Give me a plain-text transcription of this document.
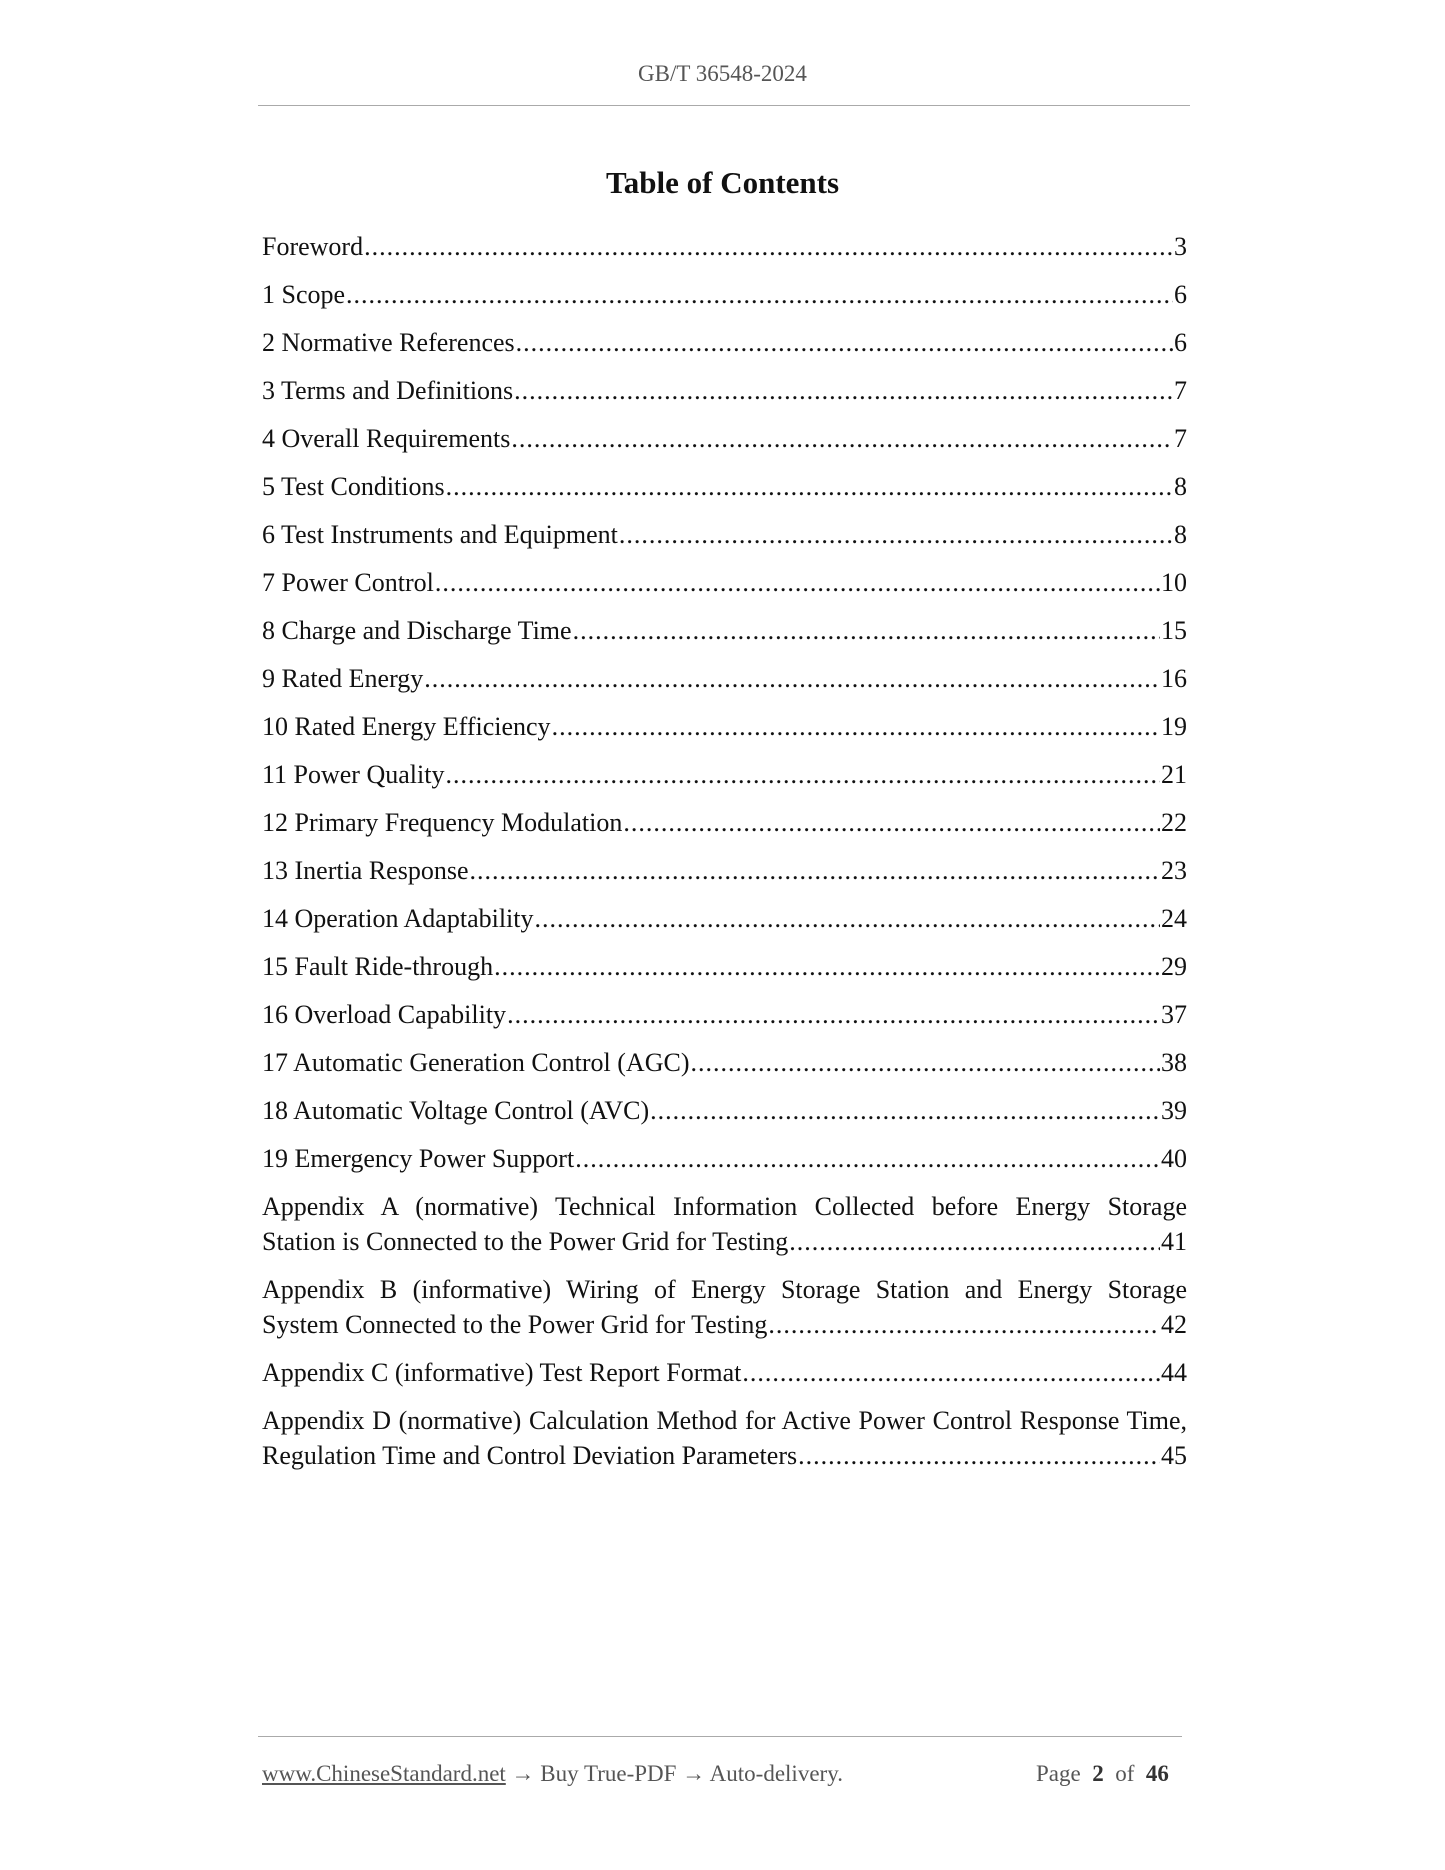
GB/T 36548-2024
Table of Contents
Foreword .....	3
1 Scope .....	6
2 Normative References .....	6
3 Terms and Definitions .....	7
4 Overall Requirements .....	7
5 Test Conditions .....	8
6 Test Instruments and Equipment .....	8
7 Power Control .....	10
8 Charge and Discharge Time .....	15
9 Rated Energy .....	16
10 Rated Energy Efficiency .....	19
11 Power Quality .....	21
12 Primary Frequency Modulation .....	22
13 Inertia Response .....	23
14 Operation Adaptability .....	24
15 Fault Ride-through .....	29
16 Overload Capability .....	37
17 Automatic Generation Control (AGC) .....	38
18 Automatic Voltage Control (AVC) .....	39
19 Emergency Power Support .....	40
Appendix A (normative) Technical Information Collected before Energy Storage
Station is Connected to the Power Grid for Testing .....	41
Appendix B (informative) Wiring of Energy Storage Station and Energy Storage
System Connected to the Power Grid for Testing .....	42
Appendix C (informative) Test Report Format .....	44
Appendix D (normative) Calculation Method for Active Power Control Response Time,
Regulation Time and Control Deviation Parameters .....	45
www.ChineseStandard.net → Buy True-PDF → Auto-delivery.	Page 2 of 46
